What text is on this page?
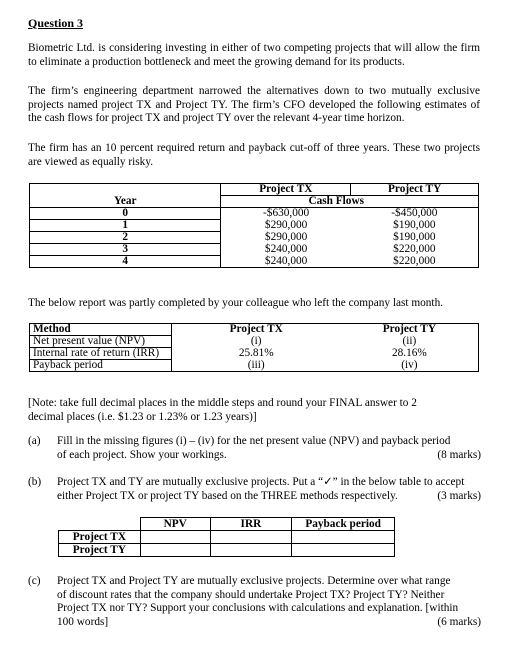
Question 3
Biometric Ltd. is considering investing in either of two competing projects that will allow the firm to eliminate a production bottleneck and meet the growing demand for its products.
The firm’s engineering department narrowed the alternatives down to two mutually exclusive projects named project TX and Project TY. The firm’s CFO developed the following estimates of the cash flows for project TX and project TY over the relevant 4-year time horizon.
The firm has an 10 percent required return and payback cut-off of three years. These two projects are viewed as equally risky.
	Project TX	Project TY
Year	Cash Flows	
0	-$630,000	-$450,000
1	$290,000	$190,000
2	$290,000	$190,000
3	$240,000	$220,000
4	$240,000	$220,000
The below report was partly completed by your colleague who left the company last month.
Method	Project TX	Project TY
Net present value (NPV)	(i)	(ii)
Internal rate of return (IRR)	25.81%	28.16%
Payback period	(iii)	(iv)
[Note: take full decimal places in the middle steps and round your FINAL answer to 2
decimal places (i.e. $1.23 or 1.23% or 1.23 years)]
(a) Fill in the missing figures (i) – (iv) for the net present value (NPV) and payback period
of each project. Show your workings.	(8 marks)
(b) Project TX and TY are mutually exclusive projects. Put a “✓” in the below table to accept
either Project TX or project TY based on the THREE methods respectively.	(3 marks)
	NPV	IRR	Payback period
Project TX			
Project TY			
(c) Project TX and Project TY are mutually exclusive projects. Determine over what range
of discount rates that the company should undertake Project TX? Project TY? Neither
Project TX nor TY? Support your conclusions with calculations and explanation. [within
100 words]	(6 marks)
